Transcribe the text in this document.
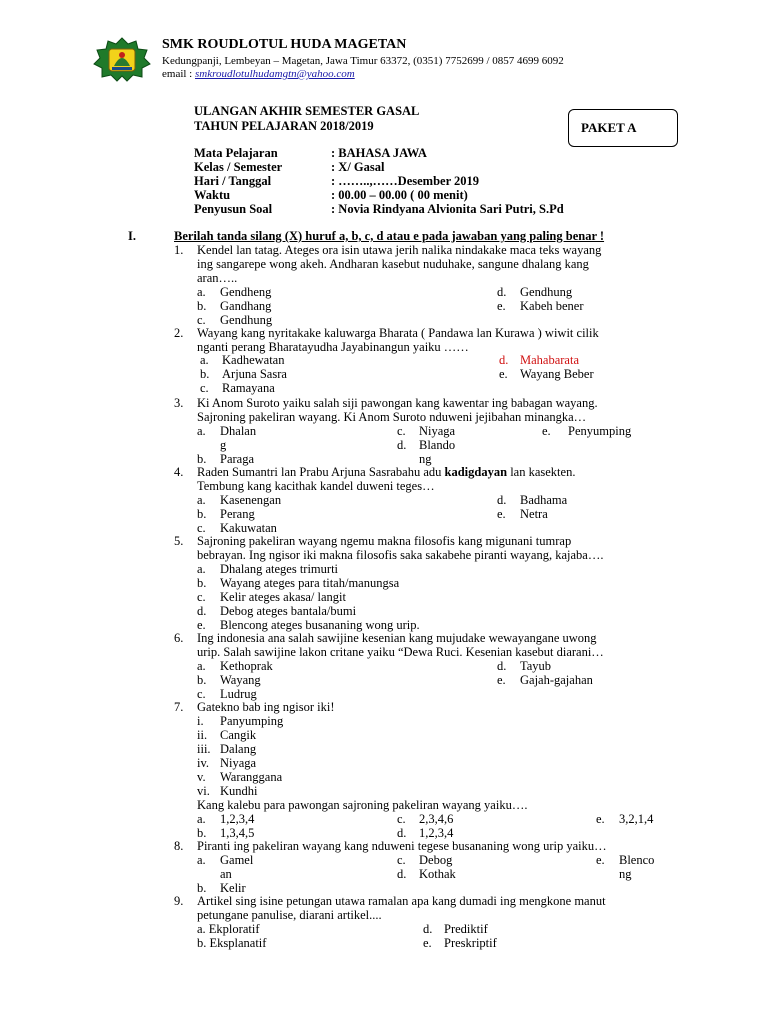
SMK ROUDLOTUL HUDA MAGETAN
Kedungpanji, Lembeyan – Magetan, Jawa Timur 63372, (0351) 7752699 / 0857 4699 6092
email : smkroudlotulhudamgtn@yahoo.com
ULANGAN AKHIR SEMESTER GASAL
TAHUN PELAJARAN 2018/2019	PAKET A
Mata Pelajaran	: BAHASA JAWA
Kelas / Semester	: X/ Gasal
Hari / Tanggal	: ……..,……Desember 2019
Waktu	: 00.00 – 00.00 ( 00 menit)
Penyusun Soal	: Novia Rindyana Alvionita Sari Putri, S.Pd
I.	Berilah tanda silang (X) huruf a, b, c, d atau e pada jawaban yang paling benar !
1. Kendel lan tatag. Ateges ora isin utawa jerih nalika nindakake maca teks wayang
ing sangarepe wong akeh. Andharan kasebut nuduhake, sangune dhalang kang
aran…..
a. Gendheng
b. Gandhang
c. Gendhung
d. Gendhung
e. Kabeh bener
2. Wayang kang nyritakake kaluwarga Bharata ( Pandawa lan Kurawa ) wiwit cilik
nganti perang Bharatayudha Jayabinangun yaiku ……
a. Kadhewatan
b. Arjuna Sasra
c. Ramayana
d. Mahabarata
e. Wayang Beber
3. Ki Anom Suroto yaiku salah siji pawongan kang kawentar ing babagan wayang.
Sajroning pakeliran wayang. Ki Anom Suroto nduweni jejibahan minangka…
a. Dhalan
g
b. Paraga
c. Niyaga
d. Blando
ng
e. Penyumping
4. Raden Sumantri lan Prabu Arjuna Sasrabahu adu kadigdayan lan kasekten.
Tembung kang kacithak kandel duweni teges…
a. Kasenengan
b. Perang
c. Kakuwatan
d. Badhama
e. Netra
5. Sajroning pakeliran wayang ngemu makna filosofis kang migunani tumrap
bebrayan. Ing ngisor iki makna filosofis saka sakabehe piranti wayang, kajaba….
a. Dhalang ateges trimurti
b. Wayang ateges para titah/manungsa
c. Kelir ateges akasa/ langit
d. Debog ateges bantala/bumi
e. Blencong ateges busananing wong urip.
6. Ing indonesia ana salah sawijine kesenian kang mujudake wewayangane uwong
urip. Salah sawijine lakon critane yaiku “Dewa Ruci. Kesenian kasebut diarani…
a. Kethoprak
b. Wayang
c. Ludrug
d. Tayub
e. Gajah-gajahan
7. Gatekno bab ing ngisor iki!
i. Panyumping
ii. Cangik
iii. Dalang
iv. Niyaga
v. Waranggana
vi. Kundhi
Kang kalebu para pawongan sajroning pakeliran wayang yaiku….
a. 1,2,3,4
b. 1,3,4,5
c. 2,3,4,6
d. 1,2,3,4
e. 3,2,1,4
8. Piranti ing pakeliran wayang kang nduweni tegese busananing wong urip yaiku…
a. Gamel
an
b. Kelir
c. Debog
d. Kothak
e. Blenco
ng
9. Artikel sing isine petungan utawa ramalan apa kang dumadi ing mengkone manut
petungane panulise, diarani artikel....
a. Ekploratif
b. Eksplanatif
d. Prediktif
e. Preskriptif
